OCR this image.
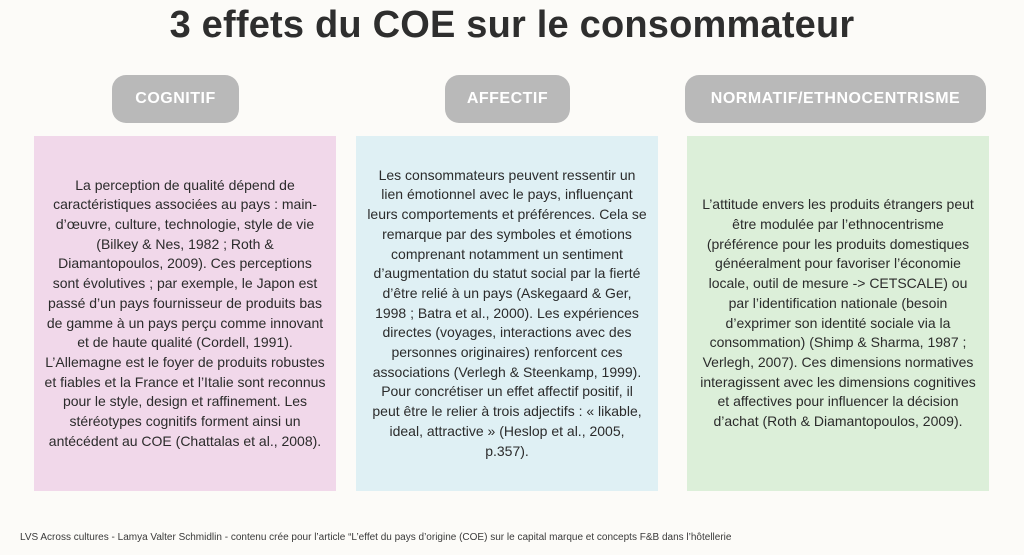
3 effets du COE sur le consommateur
COGNITIF	AFFECTIF	NORMATIF/ETHNOCENTRISME

La perception de qualité dépend de caractéristiques associées au pays : main-d’œuvre, culture, technologie, style de vie (Bilkey & Nes, 1982 ; Roth & Diamantopoulos, 2009). Ces perceptions sont évolutives ; par exemple, le Japon est passé d’un pays fournisseur de produits bas de gamme à un pays perçu comme innovant et de haute qualité (Cordell, 1991). L’Allemagne est le foyer de produits robustes et fiables et la France et l’Italie sont reconnus pour le style, design et raffinement. Les stéréotypes cognitifs forment ainsi un antécédent au COE (Chattalas et al., 2008).

Les consommateurs peuvent ressentir un lien émotionnel avec le pays, influençant leurs comportements et préférences. Cela se remarque par des symboles et émotions comprenant notamment un sentiment d’augmentation du statut social par la fierté d’être relié à un pays (Askegaard & Ger, 1998 ; Batra et al., 2000). Les expériences directes (voyages, interactions avec des personnes originaires) renforcent ces associations (Verlegh & Steenkamp, 1999). Pour concrétiser un effet affectif positif, il peut être le relier à trois adjectifs : « likable, ideal, attractive » (Heslop et al., 2005, p.357).

L’attitude envers les produits étrangers peut être modulée par l’ethnocentrisme (préférence pour les produits domestiques généeralment pour favoriser l’économie locale, outil de mesure -> CETSCALE) ou par l’identification nationale (besoin d’exprimer son identité sociale via la consommation) (Shimp & Sharma, 1987 ; Verlegh, 2007). Ces dimensions normatives interagissent avec les dimensions cognitives et affectives pour influencer la décision d’achat (Roth & Diamantopoulos, 2009).

LVS Across cultures - Lamya Valter Schmidlin - contenu crée pour l’article “L’effet du pays d’origine (COE) sur le capital marque et concepts F&B dans l’hôtellerie
